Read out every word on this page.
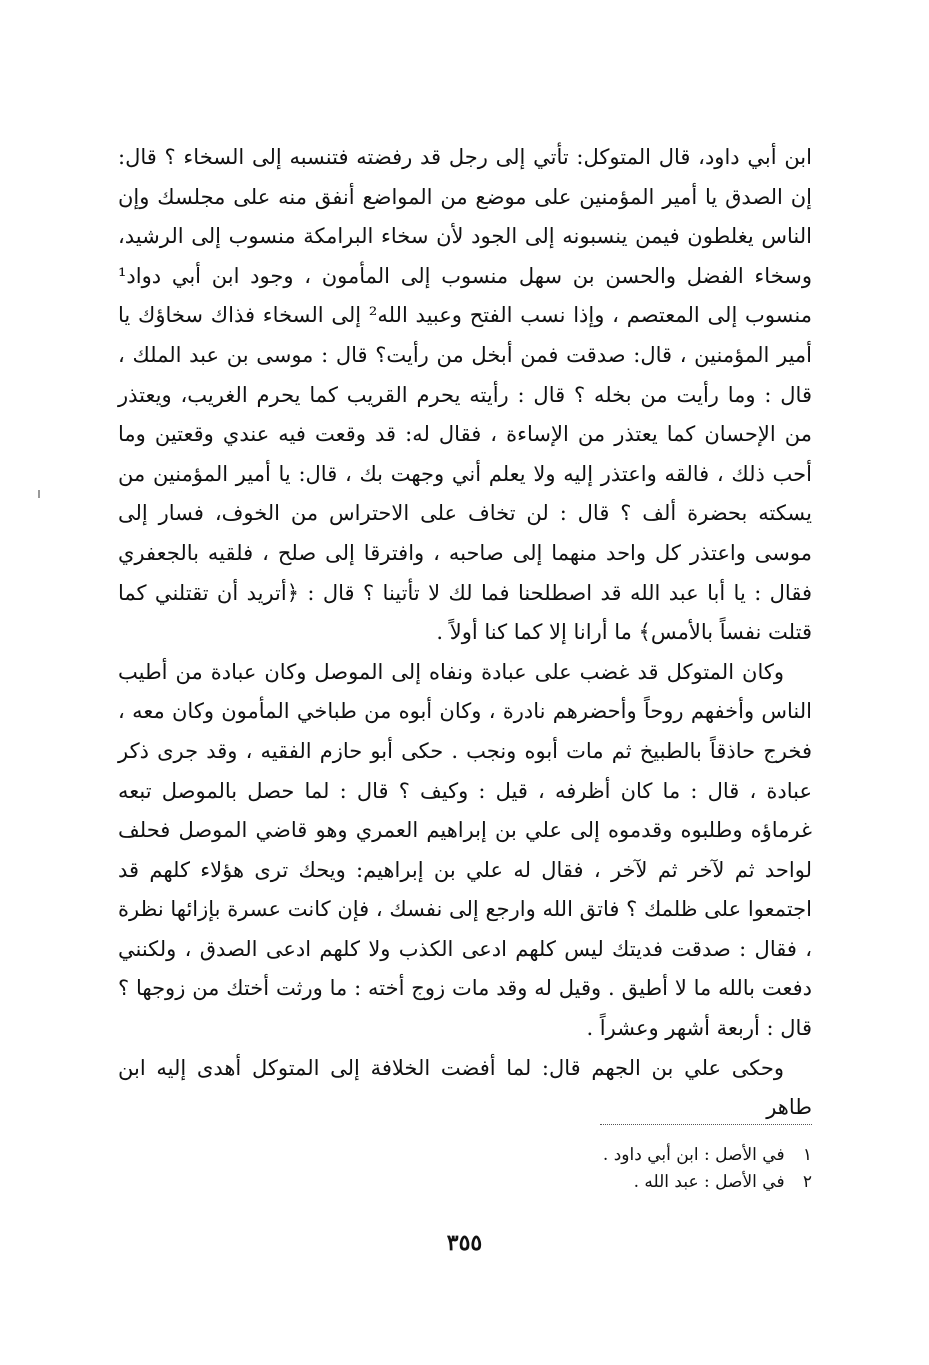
ابن أبي داود، قال المتوكل: تأتي إلى رجل قد رفضته فتنسبه إلى السخاء ؟ قال: إن الصدق يا أمير المؤمنين على موضع من المواضع أنفق منه على مجلسك وإن الناس يغلطون فيمن ينسبونه إلى الجود لأن سخاء البرامكة منسوب إلى الرشيد، وسخاء الفضل والحسن بن سهل منسوب إلى المأمون ، وجود ابن أبي دواد¹ منسوب إلى المعتصم ، وإذا نسب الفتح وعبيد الله² إلى السخاء فذاك سخاؤك يا أمير المؤمنين ، قال: صدقت فمن أبخل من رأيت؟ قال : موسى بن عبد الملك ، قال : وما رأيت من بخله ؟ قال : رأيته يحرم القريب كما يحرم الغريب، ويعتذر من الإحسان كما يعتذر من الإساءة ، فقال له: قد وقعت فيه عندي وقعتين وما أحب ذلك ، فالقه واعتذر إليه ولا يعلم أني وجهت بك ، قال: يا أمير المؤمنين من يسكته بحضرة ألف ؟ قال : لن تخاف على الاحتراس من الخوف، فسار إلى موسى واعتذر كل واحد منهما إلى صاحبه ، وافترقا إلى صلح ، فلقيه بالجعفري فقال : يا أبا عبد الله قد اصطلحنا فما لك لا تأتينا ؟ قال : ﴿أتريد أن تقتلني كما قتلت نفساً بالأمس﴾ ما أرانا إلا كما كنا أولاً .

وكان المتوكل قد غضب على عبادة ونفاه إلى الموصل وكان عبادة من أطيب الناس وأخفهم روحاً وأحضرهم نادرة ، وكان أبوه من طباخي المأمون وكان معه ، فخرج حاذقاً بالطبيخ ثم مات أبوه ونجب . حكى أبو حازم الفقيه ، وقد جرى ذكر عبادة ، قال : ما كان أظرفه ، قيل : وكيف ؟ قال : لما حصل بالموصل تبعه غرماؤه وطلبوه وقدموه إلى علي بن إبراهيم العمري وهو قاضي الموصل فحلف لواحد ثم لآخر ثم لآخر ، فقال له علي بن إبراهيم: ويحك ترى هؤلاء كلهم قد اجتمعوا على ظلمك ؟ فاتق الله وارجع إلى نفسك ، فإن كانت عسرة بإزائها نظرة ، فقال : صدقت فديتك ليس كلهم ادعى الكذب ولا كلهم ادعى الصدق ، ولكنني دفعت بالله ما لا أطيق . وقيل له وقد مات زوج أخته : ما ورثت أختك من زوجها ؟ قال : أربعة أشهر وعشراً .

وحكى علي بن الجهم قال: لما أفضت الخلافة إلى المتوكل أهدى إليه ابن طاهر

١ في الأصل : ابن أبي داود .

٢ في الأصل : عبد الله .

٣٥٥
